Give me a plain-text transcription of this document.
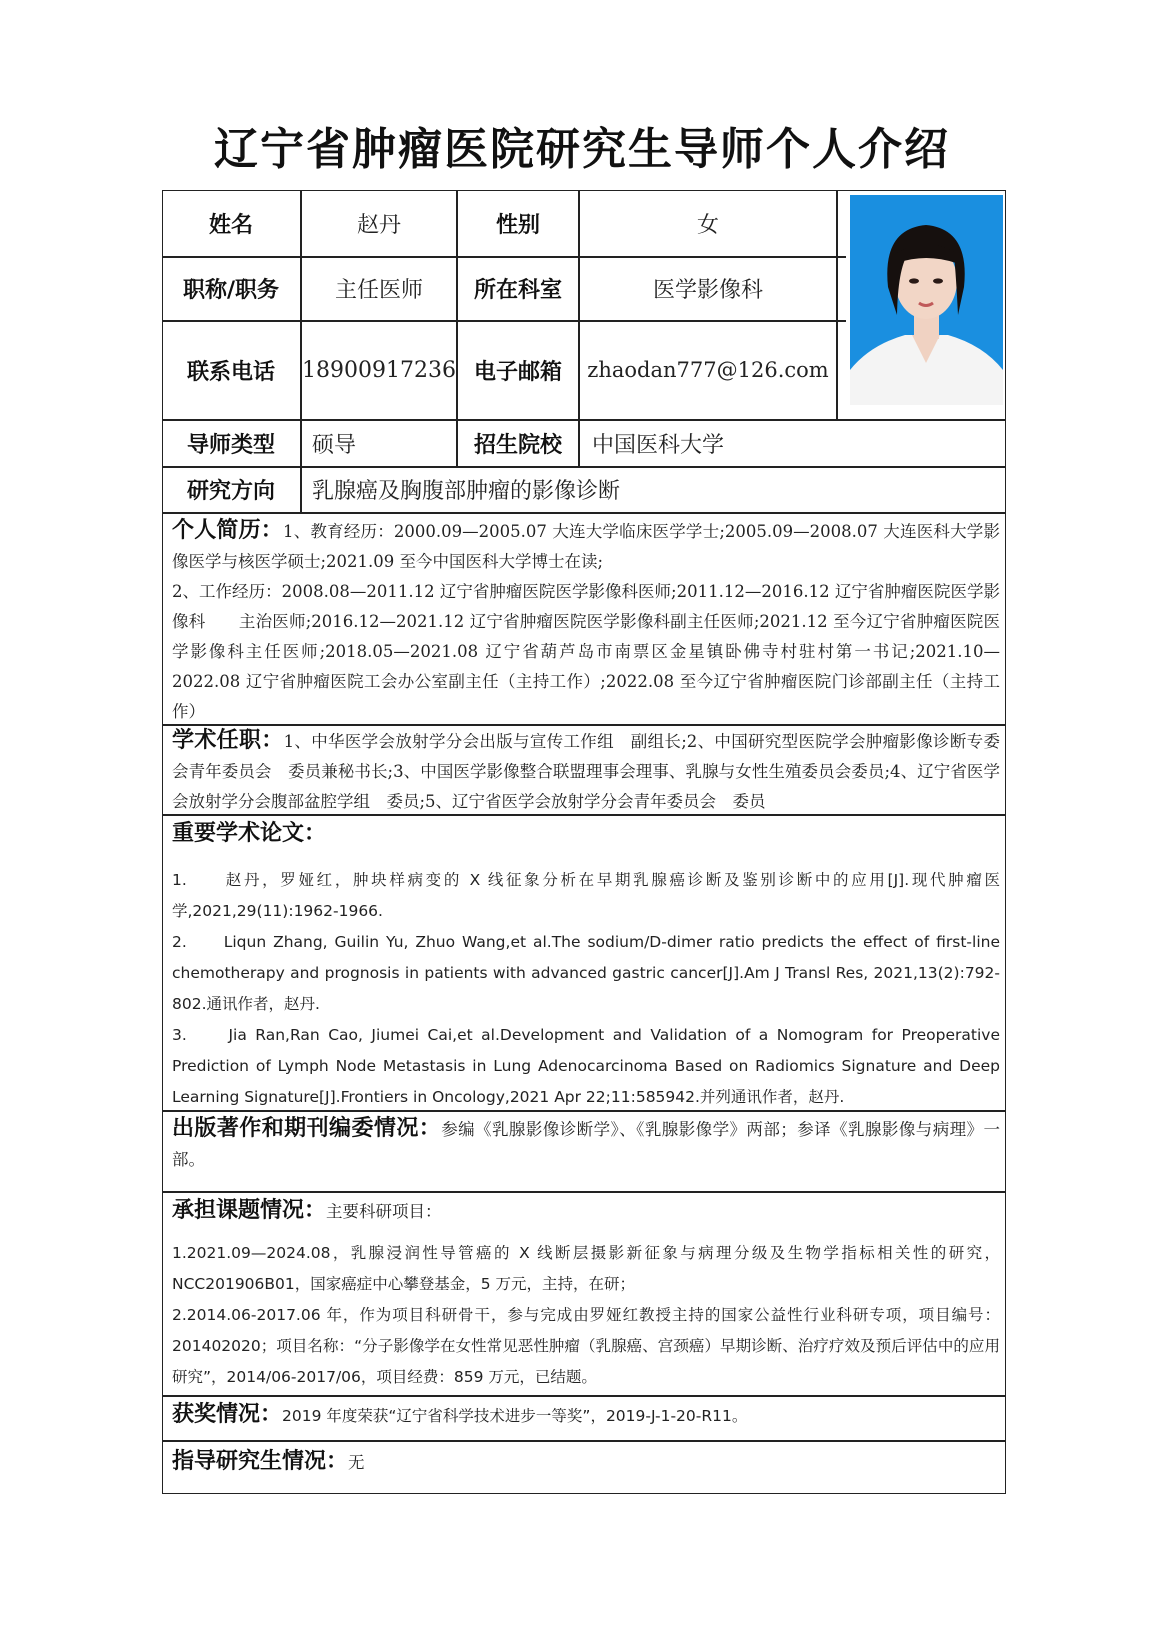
辽宁省肿瘤医院研究生导师个人介绍
姓名	赵丹	性别	女
职称/职务	主任医师	所在科室	医学影像科
联系电话	18900917236 电子邮箱	zhaodan777@126.com
导师类型	硕导	招生院校	中国医科大学
研究方向	乳腺癌及胸腹部肿瘤的影像诊断

个人简历：1、教育经历：2000.09—2005.07 大连大学临床医学学士;2005.09—2008.07 大连医科大学影像医学与核医学硕士;2021.09 至今中国医科大学博士在读;

2、工作经历：2008.08—2011.12 辽宁省肿瘤医院医学影像科医师;2011.12—2016.12 辽宁省肿瘤医院医学影像科　　主治医师;2016.12—2021.12 辽宁省肿瘤医院医学影像科副主任医师;2021.12 至今辽宁省肿瘤医院医学影像科主任医师;2018.05—2021.08 辽宁省葫芦岛市南票区金星镇卧佛寺村驻村第一书记;2021.10—2022.08 辽宁省肿瘤医院工会办公室副主任（主持工作）;2022.08 至今辽宁省肿瘤医院门诊部副主任（主持工作）

学术任职：1、中华医学会放射学分会出版与宣传工作组　副组长;2、中国研究型医院学会肿瘤影像诊断专委会青年委员会　委员兼秘书长;3、中国医学影像整合联盟理事会理事、乳腺与女性生殖委员会委员;4、辽宁省医学会放射学分会腹部盆腔学组　委员;5、辽宁省医学会放射学分会青年委员会　委员

重要学术论文：

1.　　赵丹，罗娅红，肿块样病变的 X 线征象分析在早期乳腺癌诊断及鉴别诊断中的应用[J].现代肿瘤医学,2021,29(11):1962-1966.

2.　　Liqun Zhang, Guilin Yu, Zhuo Wang,et al.The sodium/D-dimer ratio predicts the effect of first-line chemotherapy and prognosis in patients with advanced gastric cancer[J].Am J Transl Res, 2021,13(2):792-802.通讯作者，赵丹.

3.　　Jia Ran,Ran Cao, Jiumei Cai,et al.Development and Validation of a Nomogram for Preoperative Prediction of Lymph Node Metastasis in Lung Adenocarcinoma Based on Radiomics Signature and Deep Learning Signature[J].Frontiers in Oncology,2021 Apr 22;11:585942.并列通讯作者，赵丹.

出版著作和期刊编委情况：参编《乳腺影像诊断学》、《乳腺影像学》两部；参译《乳腺影像与病理》一部。

承担课题情况：主要科研项目：

1.2021.09—2024.08，乳腺浸润性导管癌的 X 线断层摄影新征象与病理分级及生物学指标相关性的研究，NCC201906B01，国家癌症中心攀登基金，5 万元，主持，在研；

2.2014.06-2017.06 年，作为项目科研骨干，参与完成由罗娅红教授主持的国家公益性行业科研专项，项目编号：201402020；项目名称：“分子影像学在女性常见恶性肿瘤（乳腺癌、宫颈癌）早期诊断、治疗疗效及预后评估中的应用研究”，2014/06-2017/06，项目经费：859 万元，已结题。

获奖情况：2019 年度荣获“辽宁省科学技术进步一等奖”，2019-J-1-20-R11。

指导研究生情况：无
